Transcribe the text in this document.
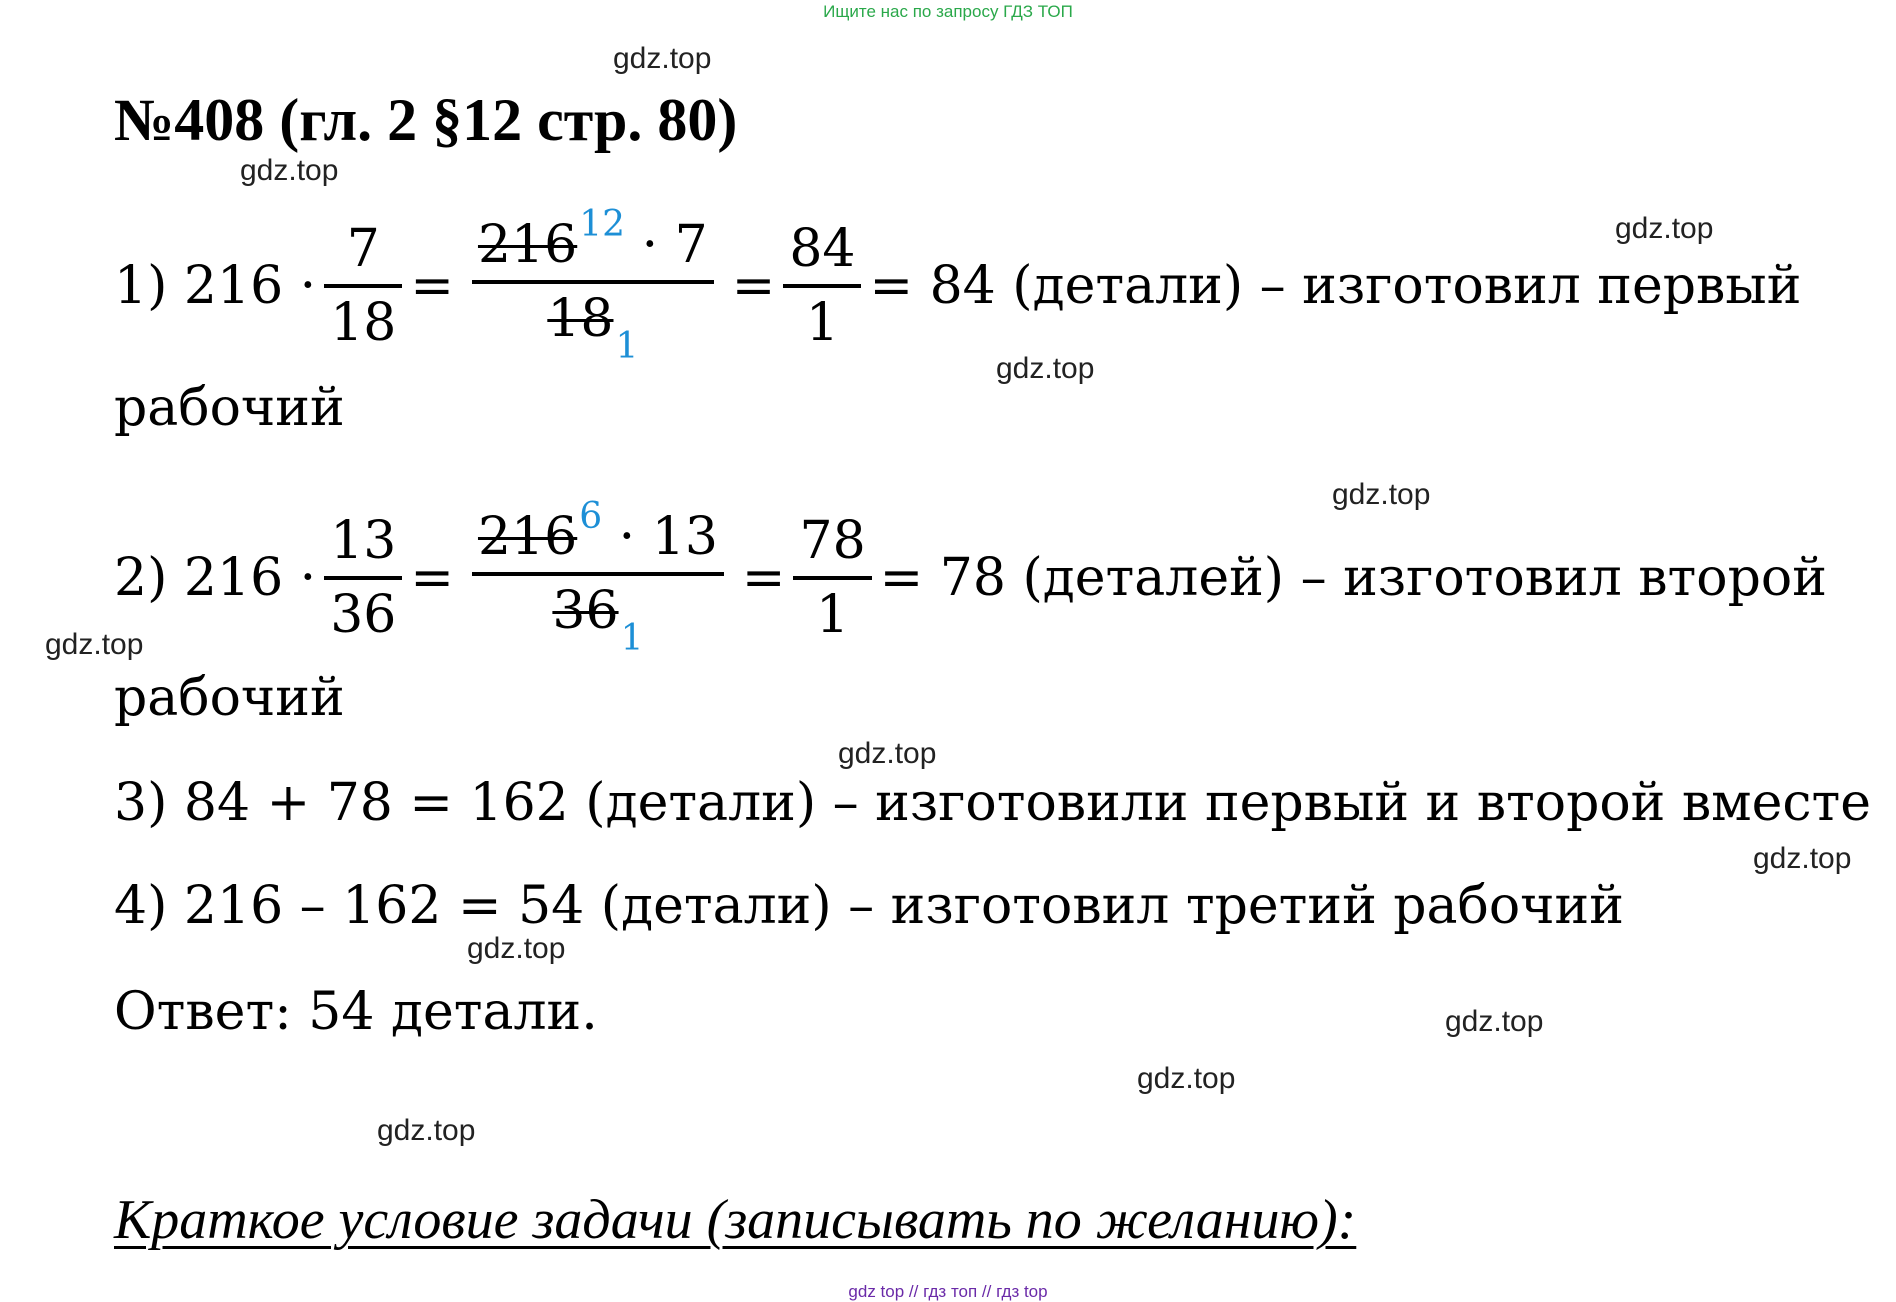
Ищите нас по запросу ГДЗ ТОП
gdz.top
gdz.top
gdz.top
gdz.top
gdz.top
gdz.top
gdz.top
gdz.top
gdz.top
gdz.top
gdz.top
gdz.top
№408 (гл. 2 §12 стр. 80)
1) $216 \cdot \frac{7}{18} = \frac{216^{12} \cdot 7}{18_1} = \frac{84}{1} = 84$ (детали) – изготовил первый
рабочий
2) $216 \cdot \frac{13}{36} = \frac{216^6 \cdot 13}{36_1} = \frac{78}{1} = 78$ (деталей) – изготовил второй
рабочий
3) 84 + 78 = 162 (детали) – изготовили первый и второй вместе
4) 216 – 162 = 54 (детали) – изготовил третий рабочий
Ответ: 54 детали.
Краткое условие задачи (записывать по желанию):
gdz top // гдз топ // гдз top
